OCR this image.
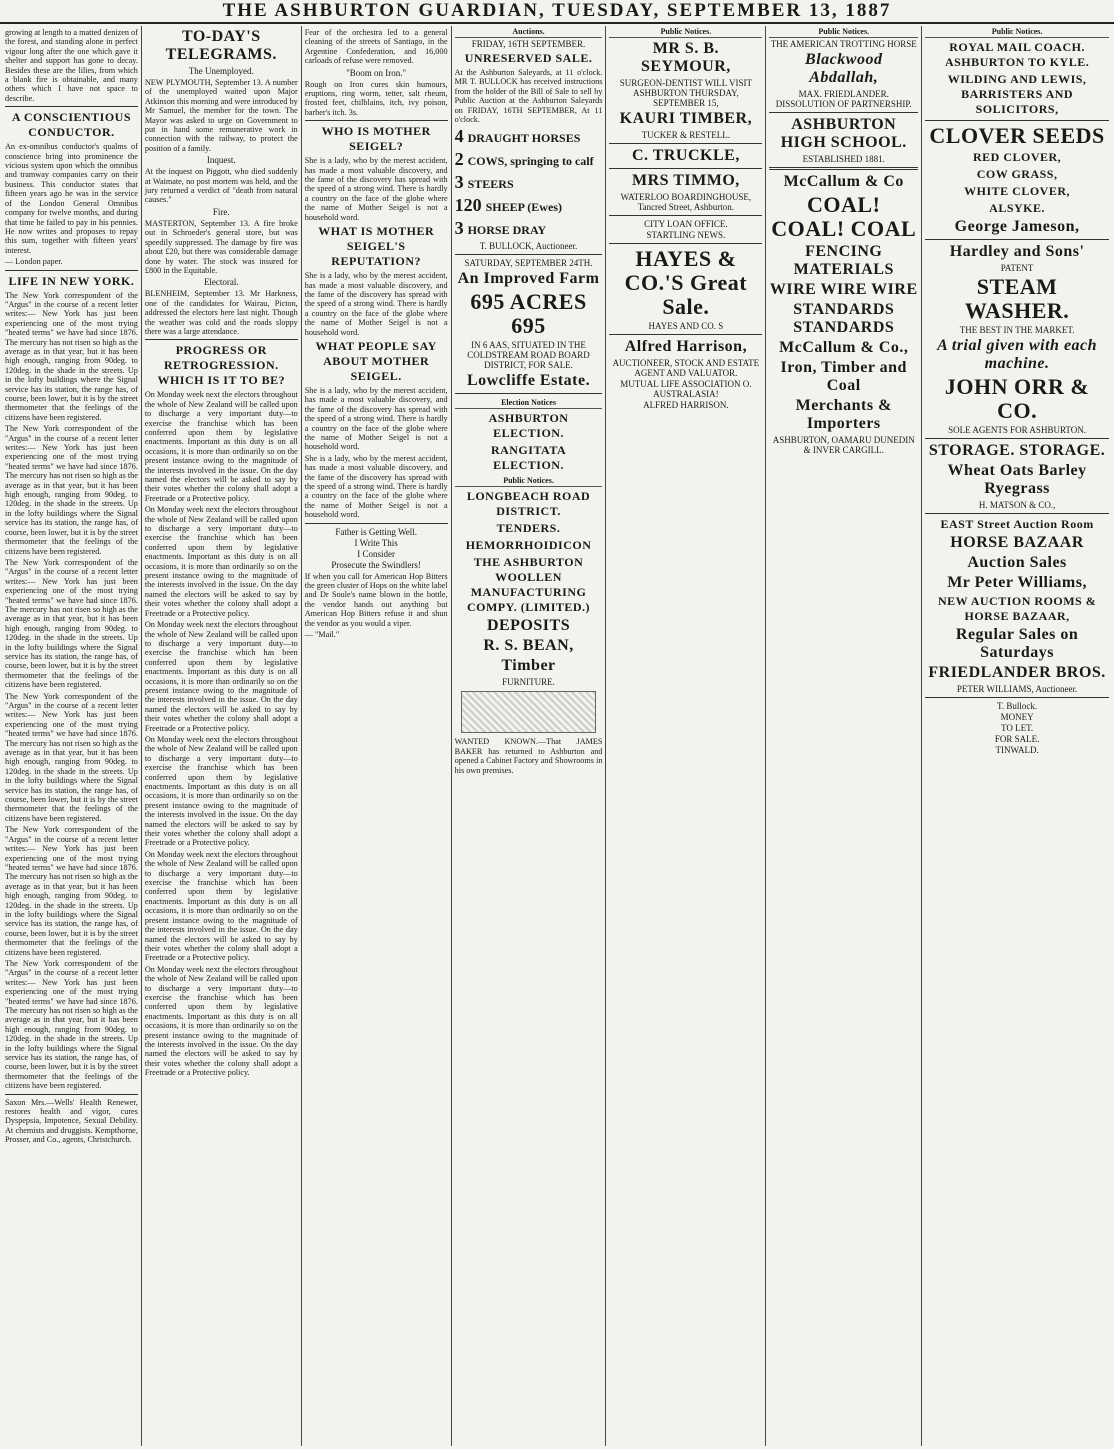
THE ASHBURTON GUARDIAN, TUESDAY, SEPTEMBER 13, 1887
growing at length to a matted denizen of the forest, and standing alone in perfect vigour long after the one which gave it shelter and support has gone to decay. Besides these are the lilies, from which a blank fire is obtainable, and many others which I have not space to describe.
A CONSCIENTIOUS CONDUCTOR.
An ex-omnibus conductor's qualms of conscience bring into prominence the vicious system upon which the omnibus and tramway companies carry on their business. This conductor states that fifteen years ago he was in the service of the London General Omnibus company for twelve months, and during that time he failed to pay in his pennies. He now writes and proposes to repay this sum, together with fifteen years' interest.
— London paper.
LIFE IN NEW YORK.
The New York correspondent of the "Argus" in the course of a recent letter writes:— New York has just been experiencing one of the most trying "heated terms" we have had since 1876. The mercury has not risen so high as the average as in that year, but it has been high enough, ranging from 90deg. to 120deg. in the shade in the streets. Up in the lofty buildings where the Signal service has its station, the range has, of course, been lower, but it is by the street thermometer that the feelings of the citizens have been registered.
The New York correspondent of the "Argus" in the course of a recent letter writes:— New York has just been experiencing one of the most trying "heated terms" we have had since 1876. The mercury has not risen so high as the average as in that year, but it has been high enough, ranging from 90deg. to 120deg. in the shade in the streets. Up in the lofty buildings where the Signal service has its station, the range has, of course, been lower, but it is by the street thermometer that the feelings of the citizens have been registered.
The New York correspondent of the "Argus" in the course of a recent letter writes:— New York has just been experiencing one of the most trying "heated terms" we have had since 1876. The mercury has not risen so high as the average as in that year, but it has been high enough, ranging from 90deg. to 120deg. in the shade in the streets. Up in the lofty buildings where the Signal service has its station, the range has, of course, been lower, but it is by the street thermometer that the feelings of the citizens have been registered.
The New York correspondent of the "Argus" in the course of a recent letter writes:— New York has just been experiencing one of the most trying "heated terms" we have had since 1876. The mercury has not risen so high as the average as in that year, but it has been high enough, ranging from 90deg. to 120deg. in the shade in the streets. Up in the lofty buildings where the Signal service has its station, the range has, of course, been lower, but it is by the street thermometer that the feelings of the citizens have been registered.
The New York correspondent of the "Argus" in the course of a recent letter writes:— New York has just been experiencing one of the most trying "heated terms" we have had since 1876. The mercury has not risen so high as the average as in that year, but it has been high enough, ranging from 90deg. to 120deg. in the shade in the streets. Up in the lofty buildings where the Signal service has its station, the range has, of course, been lower, but it is by the street thermometer that the feelings of the citizens have been registered.
The New York correspondent of the "Argus" in the course of a recent letter writes:— New York has just been experiencing one of the most trying "heated terms" we have had since 1876. The mercury has not risen so high as the average as in that year, but it has been high enough, ranging from 90deg. to 120deg. in the shade in the streets. Up in the lofty buildings where the Signal service has its station, the range has, of course, been lower, but it is by the street thermometer that the feelings of the citizens have been registered.
Saxon Mrs.—Wells' Health Renewer, restores health and vigor, cures Dyspepsia, Impotence, Sexual Debility. At chemists and druggists. Kempthorne, Prosser, and Co., agents, Christchurch.
TO-DAY'S TELEGRAMS.
The Unemployed.
NEW PLYMOUTH, September 13. A number of the unemployed waited upon Major Atkinson this morning and were introduced by Mr Samuel, the member for the town. The Mayor was asked to urge on Government to put in hand some remunerative work in connection with the railway, to protect the position of a family.
Inquest.
At the inquest on Piggott, who died suddenly at Waimate, no post mortem was held, and the jury returned a verdict of "death from natural causes."
Fire.
MASTERTON, September 13. A fire broke out in Schroeder's general store, but was speedily suppressed. The damage by fire was about £20, but there was considerable damage done by water. The stock was insured for £800 in the Equitable.
Electoral.
BLENHEIM, September 13. Mr Harkness, one of the candidates for Wairau, Picton, addressed the electors here last night. Though the weather was cold and the roads sloppy there was a large attendance.
PROGRESS OR RETROGRESSION. WHICH IS IT TO BE?
On Monday week next the electors throughout the whole of New Zealand will be called upon to discharge a very important duty—to exercise the franchise which has been conferred upon them by legislative enactments. Important as this duty is on all occasions, it is more than ordinarily so on the present instance owing to the magnitude of the interests involved in the issue. On the day named the electors will be asked to say by their votes whether the colony shall adopt a Freetrade or a Protective policy.
On Monday week next the electors throughout the whole of New Zealand will be called upon to discharge a very important duty—to exercise the franchise which has been conferred upon them by legislative enactments. Important as this duty is on all occasions, it is more than ordinarily so on the present instance owing to the magnitude of the interests involved in the issue. On the day named the electors will be asked to say by their votes whether the colony shall adopt a Freetrade or a Protective policy.
On Monday week next the electors throughout the whole of New Zealand will be called upon to discharge a very important duty—to exercise the franchise which has been conferred upon them by legislative enactments. Important as this duty is on all occasions, it is more than ordinarily so on the present instance owing to the magnitude of the interests involved in the issue. On the day named the electors will be asked to say by their votes whether the colony shall adopt a Freetrade or a Protective policy.
On Monday week next the electors throughout the whole of New Zealand will be called upon to discharge a very important duty—to exercise the franchise which has been conferred upon them by legislative enactments. Important as this duty is on all occasions, it is more than ordinarily so on the present instance owing to the magnitude of the interests involved in the issue. On the day named the electors will be asked to say by their votes whether the colony shall adopt a Freetrade or a Protective policy.
On Monday week next the electors throughout the whole of New Zealand will be called upon to discharge a very important duty—to exercise the franchise which has been conferred upon them by legislative enactments. Important as this duty is on all occasions, it is more than ordinarily so on the present instance owing to the magnitude of the interests involved in the issue. On the day named the electors will be asked to say by their votes whether the colony shall adopt a Freetrade or a Protective policy.
On Monday week next the electors throughout the whole of New Zealand will be called upon to discharge a very important duty—to exercise the franchise which has been conferred upon them by legislative enactments. Important as this duty is on all occasions, it is more than ordinarily so on the present instance owing to the magnitude of the interests involved in the issue. On the day named the electors will be asked to say by their votes whether the colony shall adopt a Freetrade or a Protective policy.
Fear of the orchestra led to a general cleaning of the streets of Santiago, in the Argentine Confederation, and 16,000 carloads of refuse were removed.
"Boom on Iron."
Rough on Iron cures skin humours, eruptions, ring worm, tetter, salt rheum, frosted feet, chilblains, itch, ivy poison, barber's itch. 3s.
WHO IS MOTHER SEIGEL?
She is a lady, who by the merest accident, has made a most valuable discovery, and the fame of the discovery has spread with the speed of a strong wind. There is hardly a country on the face of the globe where the name of Mother Seigel is not a household word.
WHAT IS MOTHER SEIGEL'S REPUTATION?
She is a lady, who by the merest accident, has made a most valuable discovery, and the fame of the discovery has spread with the speed of a strong wind. There is hardly a country on the face of the globe where the name of Mother Seigel is not a household word.
WHAT PEOPLE SAY ABOUT MOTHER SEIGEL.
She is a lady, who by the merest accident, has made a most valuable discovery, and the fame of the discovery has spread with the speed of a strong wind. There is hardly a country on the face of the globe where the name of Mother Seigel is not a household word.
She is a lady, who by the merest accident, has made a most valuable discovery, and the fame of the discovery has spread with the speed of a strong wind. There is hardly a country on the face of the globe where the name of Mother Seigel is not a household word.
Father is Getting Well.
I Write This
I Consider
Prosecute the Swindlers!
If when you call for American Hop Bitters the green cluster of Hops on the white label and Dr Soule's name blown in the bottle, the vendor hands out anything but American Hop Bitters refuse it and shun the vendor as you would a viper.
— "Mail."
Auctions.
FRIDAY, 16TH SEPTEMBER.
UNRESERVED SALE.
At the Ashburton Saleyards, at 11 o'clock. MR T. BULLOCK has received instructions from the holder of the Bill of Sale to sell by Public Auction at the Ashburton Saleyards on FRIDAY, 16TH SEPTEMBER, At 11 o'clock.
4 DRAUGHT HORSES
2 COWS, springing to calf
3 STEERS
120 SHEEP (Ewes)
3 HORSE DRAY
T. BULLOCK, Auctioneer.
SATURDAY, SEPTEMBER 24TH.
An Improved Farm
695 ACRES 695
IN 6 AAS, SITUATED IN THE COLDSTREAM ROAD BOARD DISTRICT, FOR SALE.
Lowcliffe Estate.
Election Notices
ASHBURTON ELECTION.
RANGITATA ELECTION.
Public Notices.
LONGBEACH ROAD DISTRICT.
TENDERS.
HEMORRHOIDICON
THE ASHBURTON WOOLLEN MANUFACTURING COMPY. (LIMITED.)
DEPOSITS
R. S. BEAN,
Timber
FURNITURE.
WANTED KNOWN.—That JAMES BAKER has returned to Ashburton and opened a Cabinet Factory and Showrooms in his own premises.
Public Notices.
MR S. B. SEYMOUR,
SURGEON-DENTIST WILL VISIT ASHBURTON THURSDAY, SEPTEMBER 15,
KAURI TIMBER,
TUCKER & RESTELL.
C. TRUCKLE,
MRS TIMMO,
WATERLOO BOARDINGHOUSE, Tancred Street, Ashburton.
CITY LOAN OFFICE.
STARTLING NEWS.
HAYES & CO.'S Great Sale.
HAYES AND CO. S
Alfred Harrison,
AUCTIONEER, STOCK AND ESTATE AGENT AND VALUATOR.
MUTUAL LIFE ASSOCIATION O. AUSTRALASIA!
ALFRED HARRISON.
Public Notices.
THE AMERICAN TROTTING HORSE
Blackwood Abdallah,
MAX. FRIEDLANDER. DISSOLUTION OF PARTNERSHIP.
ASHBURTON HIGH SCHOOL.
ESTABLISHED 1881.
McCallum & Co
COAL! COAL! COAL
FENCING MATERIALS
WIRE WIRE WIRE
STANDARDS STANDARDS
McCallum & Co.,
Iron, Timber and Coal
Merchants & Importers
ASHBURTON, OAMARU DUNEDIN & INVER CARGILL.
Public Notices.
ROYAL MAIL COACH. ASHBURTON TO KYLE.
WILDING AND LEWIS, BARRISTERS AND SOLICITORS,
CLOVER SEEDS
RED CLOVER,
COW GRASS,
WHITE CLOVER,
ALSYKE.
George Jameson,
Hardley and Sons'
PATENT
STEAM WASHER.
THE BEST IN THE MARKET.
A trial given with each machine.
JOHN ORR & CO.
SOLE AGENTS FOR ASHBURTON.
STORAGE. STORAGE.
Wheat Oats Barley Ryegrass
H. MATSON & CO.,
EAST Street Auction Room
HORSE BAZAAR
Auction Sales
Mr Peter Williams,
NEW AUCTION ROOMS & HORSE BAZAAR,
Regular Sales on Saturdays
FRIEDLANDER BROS.
PETER WILLIAMS, Auctioneer.
T. Bullock.
MONEY
TO LET.
FOR SALE.
TINWALD.
